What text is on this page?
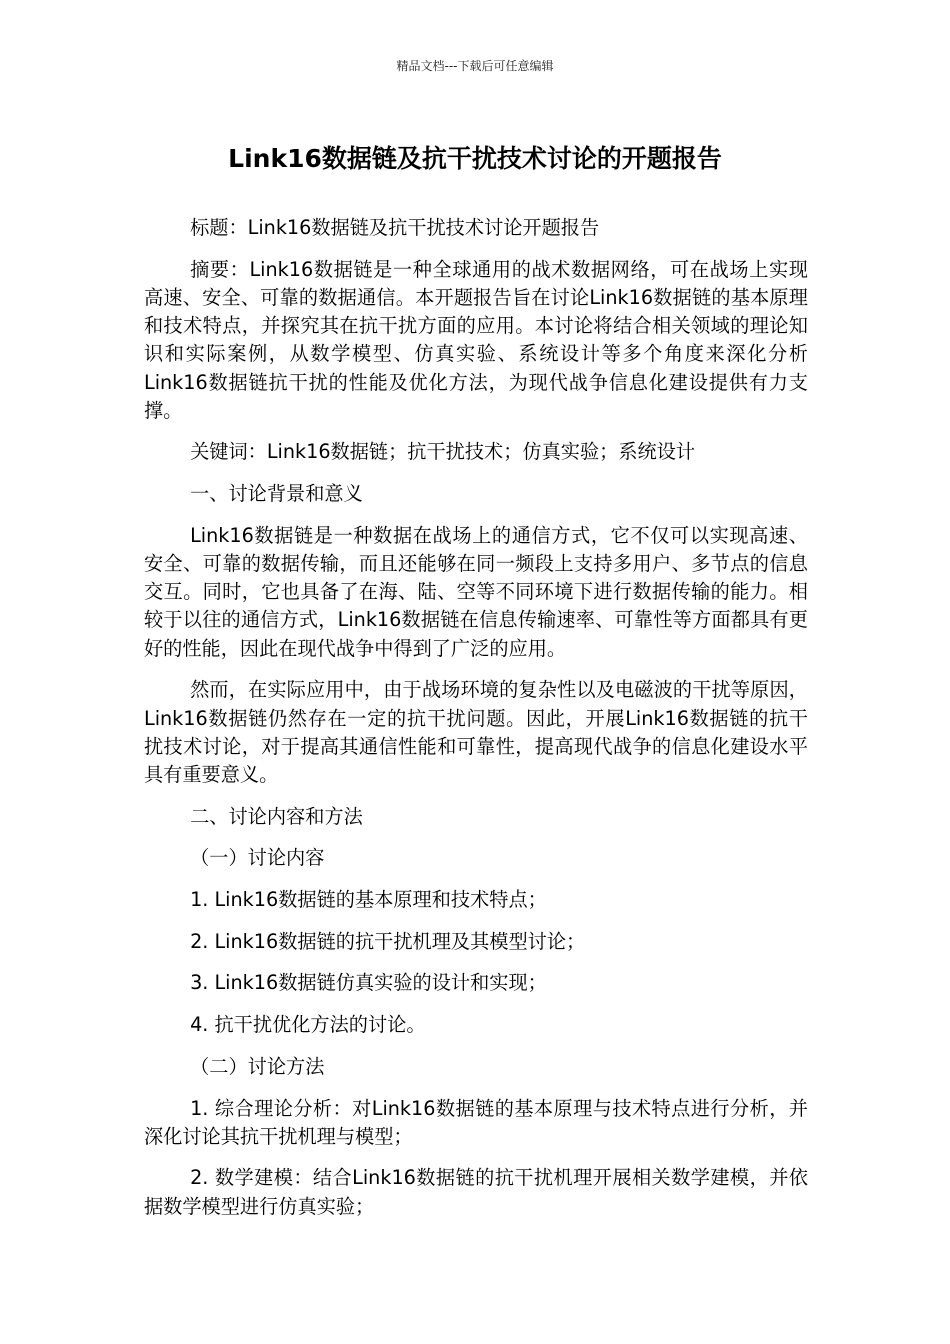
精品文档---下载后可任意编辑
Link16数据链及抗干扰技术讨论的开题报告

标题：Link16数据链及抗干扰技术讨论开题报告

摘要：Link16数据链是一种全球通用的战术数据网络，可在战场上实现高速、安全、可靠的数据通信。本开题报告旨在讨论Link16数据链的基本原理和技术特点，并探究其在抗干扰方面的应用。本讨论将结合相关领域的理论知识和实际案例，从数学模型、仿真实验、系统设计等多个角度来深化分析Link16数据链抗干扰的性能及优化方法，为现代战争信息化建设提供有力支撑。

关键词：Link16数据链；抗干扰技术；仿真实验；系统设计

一、讨论背景和意义

Link16数据链是一种数据在战场上的通信方式，它不仅可以实现高速、安全、可靠的数据传输，而且还能够在同一频段上支持多用户、多节点的信息交互。同时，它也具备了在海、陆、空等不同环境下进行数据传输的能力。相较于以往的通信方式，Link16数据链在信息传输速率、可靠性等方面都具有更好的性能，因此在现代战争中得到了广泛的应用。

然而，在实际应用中，由于战场环境的复杂性以及电磁波的干扰等原因，Link16数据链仍然存在一定的抗干扰问题。因此，开展Link16数据链的抗干扰技术讨论，对于提高其通信性能和可靠性，提高现代战争的信息化建设水平具有重要意义。

二、讨论内容和方法

（一）讨论内容

1. Link16数据链的基本原理和技术特点；

2. Link16数据链的抗干扰机理及其模型讨论；

3. Link16数据链仿真实验的设计和实现；

4. 抗干扰优化方法的讨论。

（二）讨论方法

1. 综合理论分析：对Link16数据链的基本原理与技术特点进行分析，并深化讨论其抗干扰机理与模型；

2. 数学建模：结合Link16数据链的抗干扰机理开展相关数学建模，并依据数学模型进行仿真实验；
